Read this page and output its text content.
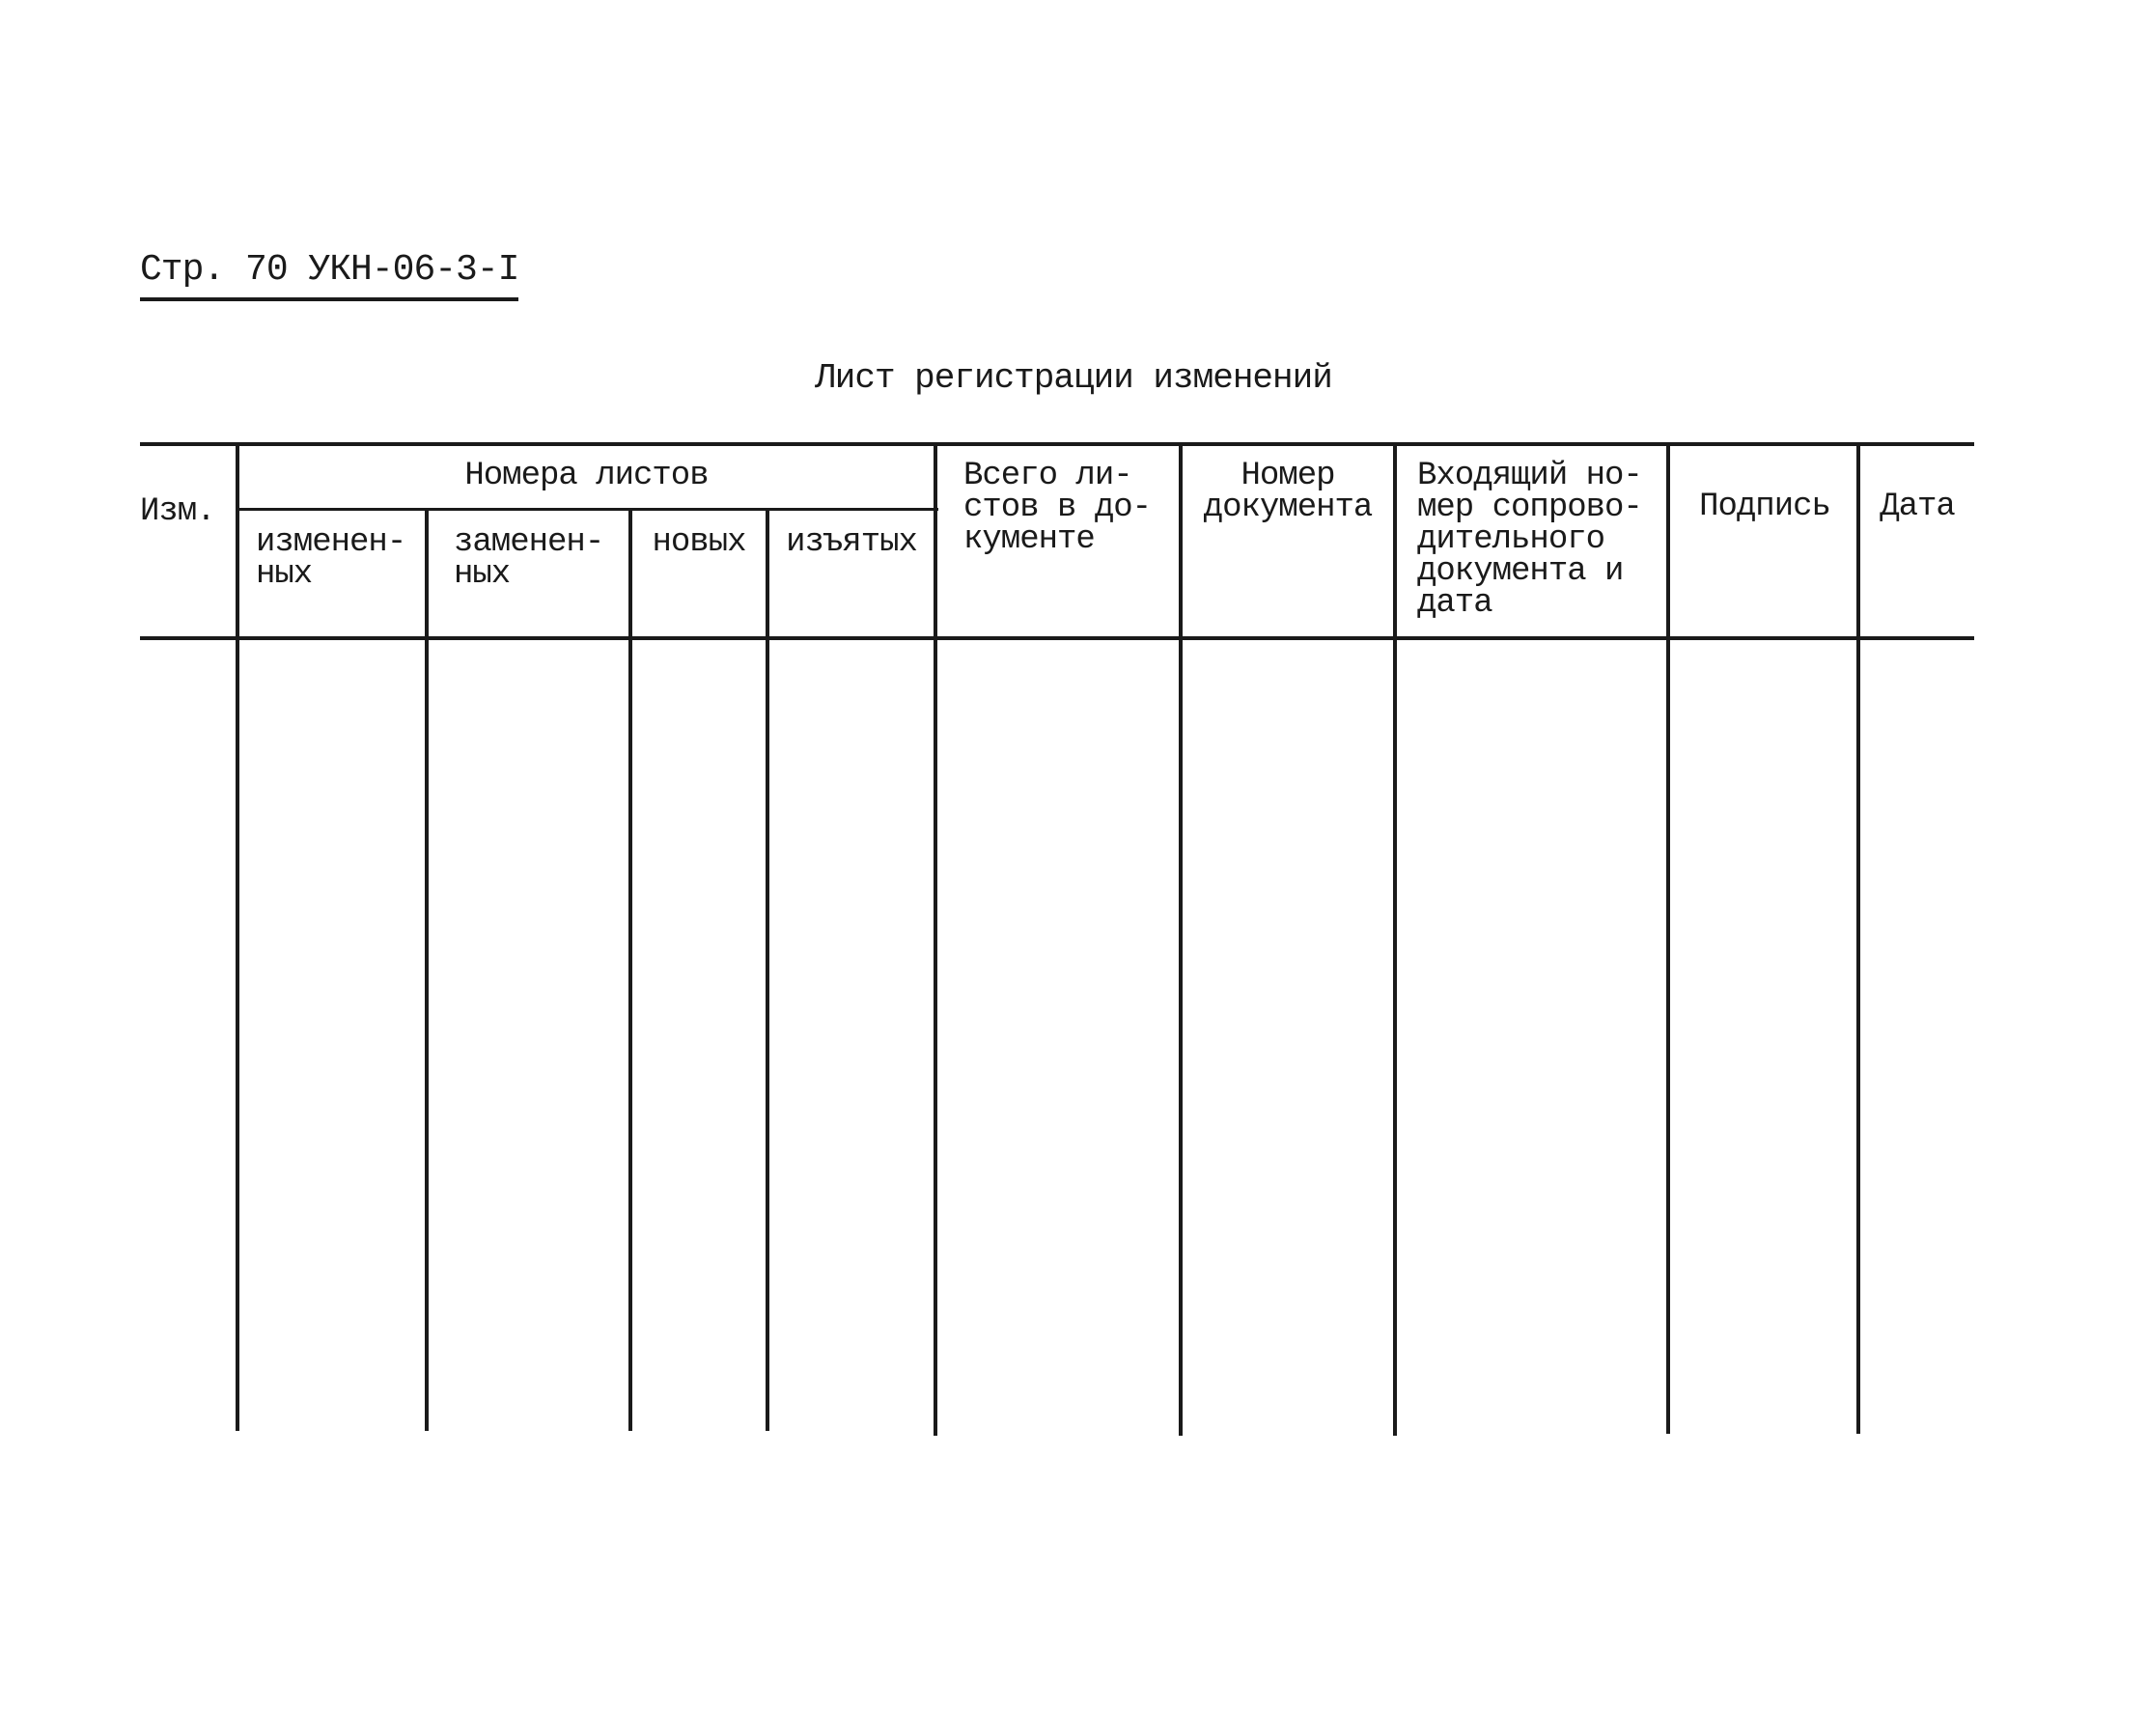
Стр. 70 УКН-06-3-I
Лист регистрации изменений
Изм.
Номера листов
изменен-
ных
заменен-
ных
новых	изъятых
Всего ли-
стов в до-
кументе
Номер
документа
Входящий но-
мер сопрово-
дительного
документа и
дата
Подпись	Дата
